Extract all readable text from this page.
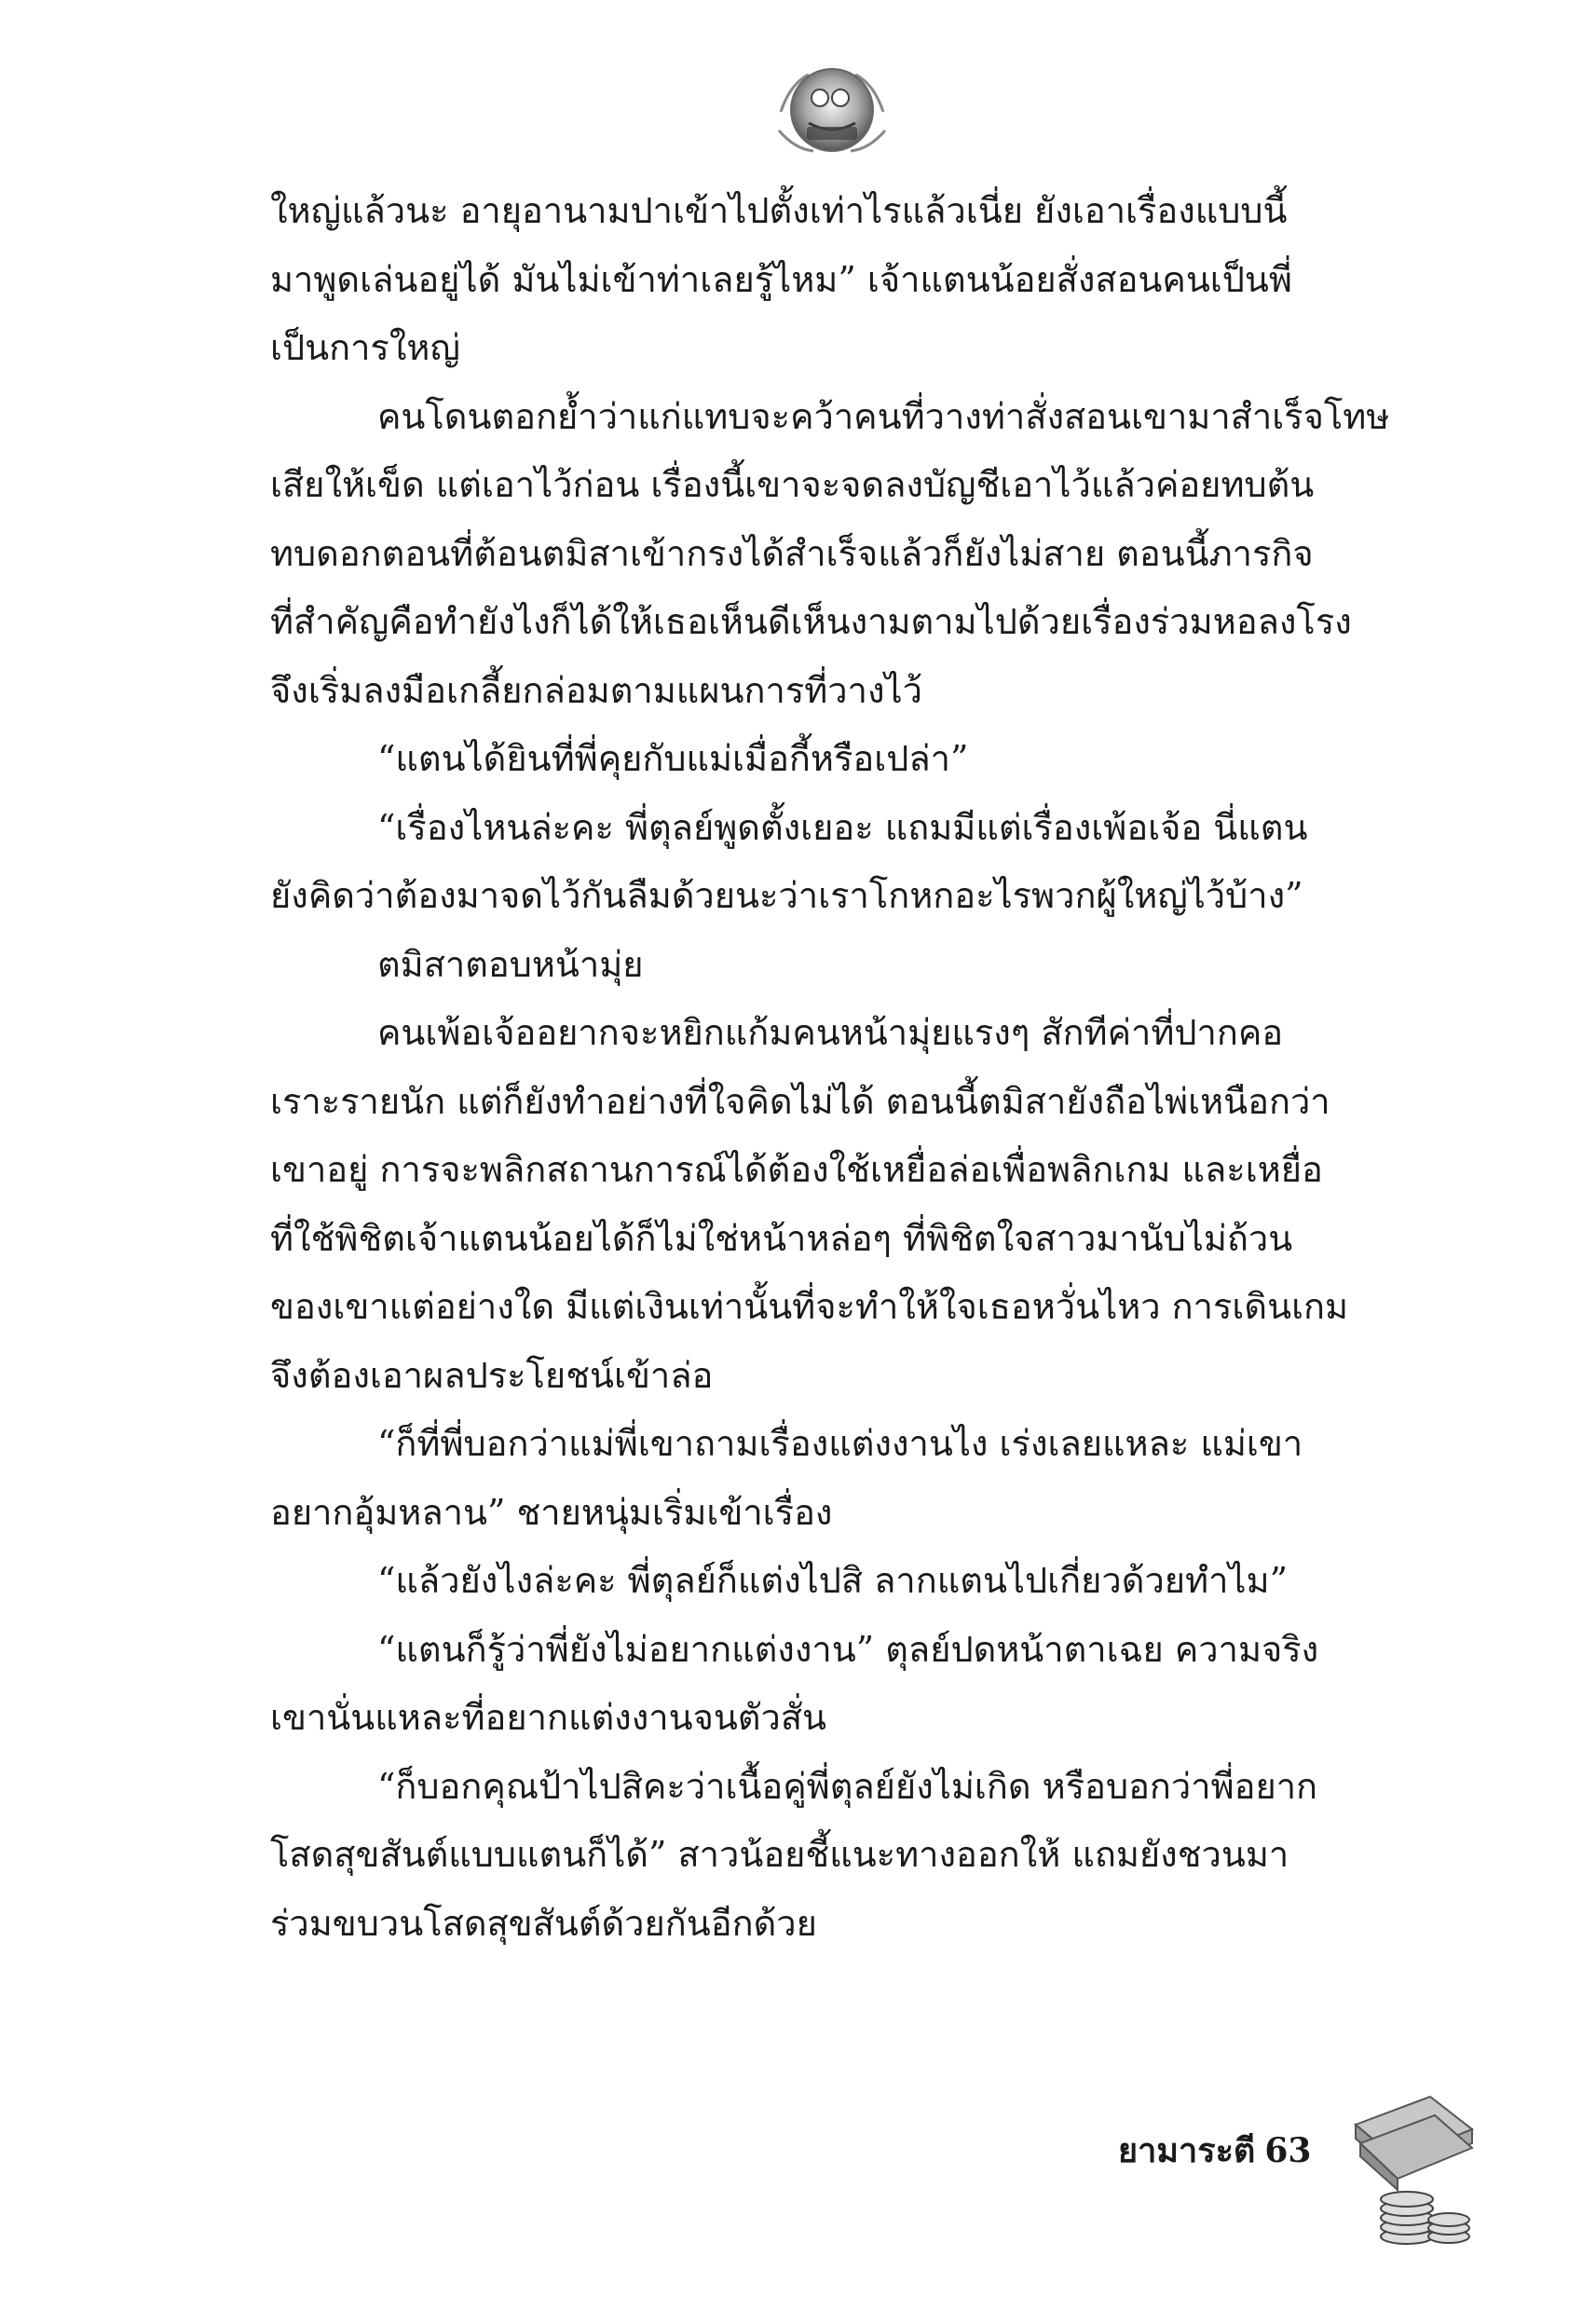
ใหญ่แล้วนะ อายุอานามปาเข้าไปตั้งเท่าไรแล้วเนี่ย ยังเอาเรื่องแบบนี้
มาพูดเล่นอยู่ได้ มันไม่เข้าท่าเลยรู้ไหม” เจ้าแตนน้อยสั่งสอนคนเป็นพี่
เป็นการใหญ่
คนโดนตอกย้ำว่าแก่แทบจะคว้าคนที่วางท่าสั่งสอนเขามาสำเร็จโทษ
เสียให้เข็ด แต่เอาไว้ก่อน เรื่องนี้เขาจะจดลงบัญชีเอาไว้แล้วค่อยทบต้น
ทบดอกตอนที่ต้อนตมิสาเข้ากรงได้สำเร็จแล้วก็ยังไม่สาย ตอนนี้ภารกิจ
ที่สำคัญคือทำยังไงก็ได้ให้เธอเห็นดีเห็นงามตามไปด้วยเรื่องร่วมหอลงโรง
จึงเริ่มลงมือเกลี้ยกล่อมตามแผนการที่วางไว้
“แตนได้ยินที่พี่คุยกับแม่เมื่อกี้หรือเปล่า”
“เรื่องไหนล่ะคะ พี่ตุลย์พูดตั้งเยอะ แถมมีแต่เรื่องเพ้อเจ้อ นี่แตน
ยังคิดว่าต้องมาจดไว้กันลืมด้วยนะว่าเราโกหกอะไรพวกผู้ใหญ่ไว้บ้าง”
ตมิสาตอบหน้ามุ่ย
คนเพ้อเจ้ออยากจะหยิกแก้มคนหน้ามุ่ยแรงๆ สักทีค่าที่ปากคอ
เราะรายนัก แต่ก็ยังทำอย่างที่ใจคิดไม่ได้ ตอนนี้ตมิสายังถือไพ่เหนือกว่า
เขาอยู่ การจะพลิกสถานการณ์ได้ต้องใช้เหยื่อล่อเพื่อพลิกเกม และเหยื่อ
ที่ใช้พิชิตเจ้าแตนน้อยได้ก็ไม่ใช่หน้าหล่อๆ ที่พิชิตใจสาวมานับไม่ถ้วน
ของเขาแต่อย่างใด มีแต่เงินเท่านั้นที่จะทำให้ใจเธอหวั่นไหว การเดินเกม
จึงต้องเอาผลประโยชน์เข้าล่อ
“ก็ที่พี่บอกว่าแม่พี่เขาถามเรื่องแต่งงานไง เร่งเลยแหละ แม่เขา
อยากอุ้มหลาน” ชายหนุ่มเริ่มเข้าเรื่อง
“แล้วยังไงล่ะคะ พี่ตุลย์ก็แต่งไปสิ ลากแตนไปเกี่ยวด้วยทำไม”
“แตนก็รู้ว่าพี่ยังไม่อยากแต่งงาน” ตุลย์ปดหน้าตาเฉย ความจริง
เขานั่นแหละที่อยากแต่งงานจนตัวสั่น
“ก็บอกคุณป้าไปสิคะว่าเนื้อคู่พี่ตุลย์ยังไม่เกิด หรือบอกว่าพี่อยาก
โสดสุขสันต์แบบแตนก็ได้” สาวน้อยชี้แนะทางออกให้ แถมยังชวนมา
ร่วมขบวนโสดสุขสันต์ด้วยกันอีกด้วย
ยามาระตี 63
